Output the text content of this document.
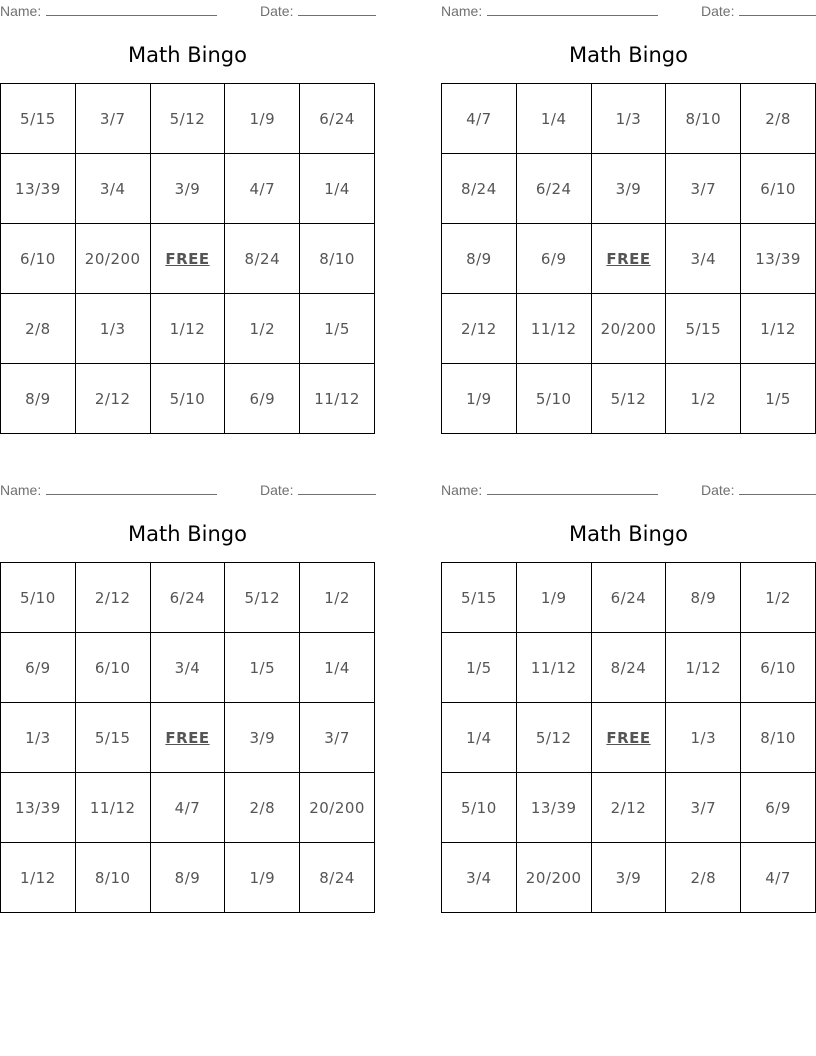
Name:	Date:
Math Bingo
5/15	3/7	5/12	1/9	6/24
13/39	3/4	3/9	4/7	1/4
6/10	20/200	FREE	8/24	8/10
2/8	1/3	1/12	1/2	1/5
8/9	2/12	5/10	6/9	11/12
Name:	Date:
Math Bingo
4/7	1/4	1/3	8/10	2/8
8/24	6/24	3/9	3/7	6/10
8/9	6/9	FREE	3/4	13/39
2/12	11/12	20/200	5/15	1/12
1/9	5/10	5/12	1/2	1/5
Name:	Date:
Math Bingo
5/10	2/12	6/24	5/12	1/2
6/9	6/10	3/4	1/5	1/4
1/3	5/15	FREE	3/9	3/7
13/39	11/12	4/7	2/8	20/200
1/12	8/10	8/9	1/9	8/24
Name:	Date:
Math Bingo
5/15	1/9	6/24	8/9	1/2
1/5	11/12	8/24	1/12	6/10
1/4	5/12	FREE	1/3	8/10
5/10	13/39	2/12	3/7	6/9
3/4	20/200	3/9	2/8	4/7
